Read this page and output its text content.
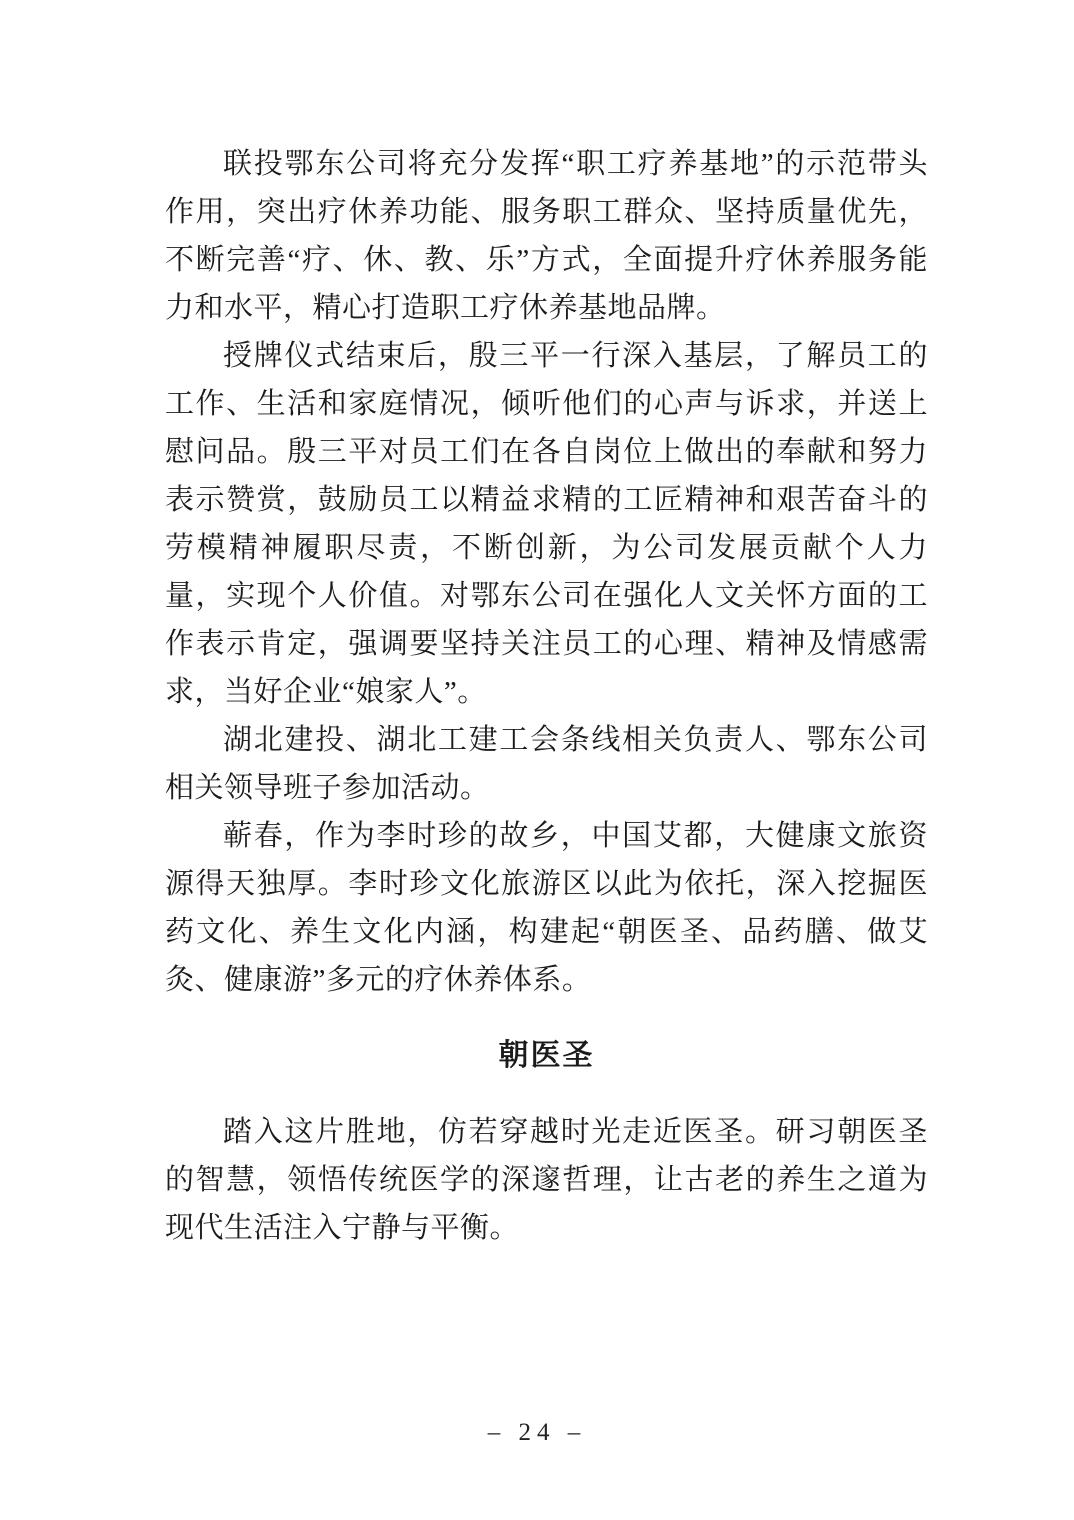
联投鄂东公司将充分发挥“职工疗养基地”的示范带头作用，突出疗休养功能、服务职工群众、坚持质量优先，不断完善“疗、休、教、乐”方式，全面提升疗休养服务能力和水平，精心打造职工疗休养基地品牌。

授牌仪式结束后，殷三平一行深入基层，了解员工的工作、生活和家庭情况，倾听他们的心声与诉求，并送上慰问品。殷三平对员工们在各自岗位上做出的奉献和努力表示赞赏，鼓励员工以精益求精的工匠精神和艰苦奋斗的劳模精神履职尽责，不断创新，为公司发展贡献个人力量，实现个人价值。对鄂东公司在强化人文关怀方面的工作表示肯定，强调要坚持关注员工的心理、精神及情感需求，当好企业“娘家人”。

湖北建投、湖北工建工会条线相关负责人、鄂东公司相关领导班子参加活动。

蕲春，作为李时珍的故乡，中国艾都，大健康文旅资源得天独厚。李时珍文化旅游区以此为依托，深入挖掘医药文化、养生文化内涵，构建起“朝医圣、品药膳、做艾灸、健康游”多元的疗休养体系。

朝医圣

踏入这片胜地，仿若穿越时光走近医圣。研习朝医圣的智慧，领悟传统医学的深邃哲理，让古老的养生之道为现代生活注入宁静与平衡。

– 24 –
